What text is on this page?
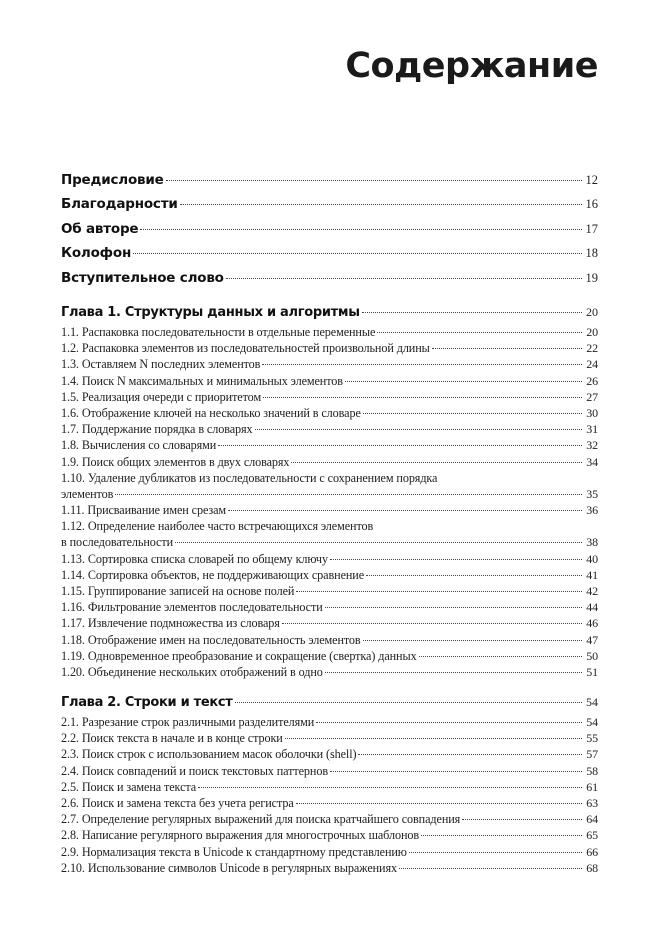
Содержание
Предисловие	12
Благодарности	16
Об авторе	17
Колофон	18
Вступительное слово	19
Глава 1. Структуры данных и алгоритмы	20
1.1. Распаковка последовательности в отдельные переменные	20
1.2. Распаковка элементов из последовательностей произвольной длины	22
1.3. Оставляем N последних элементов	24
1.4. Поиск N максимальных и минимальных элементов	26
1.5. Реализация очереди с приоритетом	27
1.6. Отображение ключей на несколько значений в словаре	30
1.7. Поддержание порядка в словарях	31
1.8. Вычисления со словарями	32
1.9. Поиск общих элементов в двух словарях	34
1.10. Удаление дубликатов из последовательности с сохранением порядка
элементов	35
1.11. Присваивание имен срезам	36
1.12. Определение наиболее часто встречающихся элементов
в последовательности	38
1.13. Сортировка списка словарей по общему ключу	40
1.14. Сортировка объектов, не поддерживающих сравнение	41
1.15. Группирование записей на основе полей	42
1.16. Фильтрование элементов последовательности	44
1.17. Извлечение подмножества из словаря	46
1.18. Отображение имен на последовательность элементов	47
1.19. Одновременное преобразование и сокращение (свертка) данных	50
1.20. Объединение нескольких отображений в одно	51
Глава 2. Строки и текст	54
2.1. Разрезание строк различными разделителями	54
2.2. Поиск текста в начале и в конце строки	55
2.3. Поиск строк с использованием масок оболочки (shell)	57
2.4. Поиск совпадений и поиск текстовых паттернов	58
2.5. Поиск и замена текста	61
2.6. Поиск и замена текста без учета регистра	63
2.7. Определение регулярных выражений для поиска кратчайшего совпадения	64
2.8. Написание регулярного выражения для многострочных шаблонов	65
2.9. Нормализация текста в Unicode к стандартному представлению	66
2.10. Использование символов Unicode в регулярных выражениях	68
